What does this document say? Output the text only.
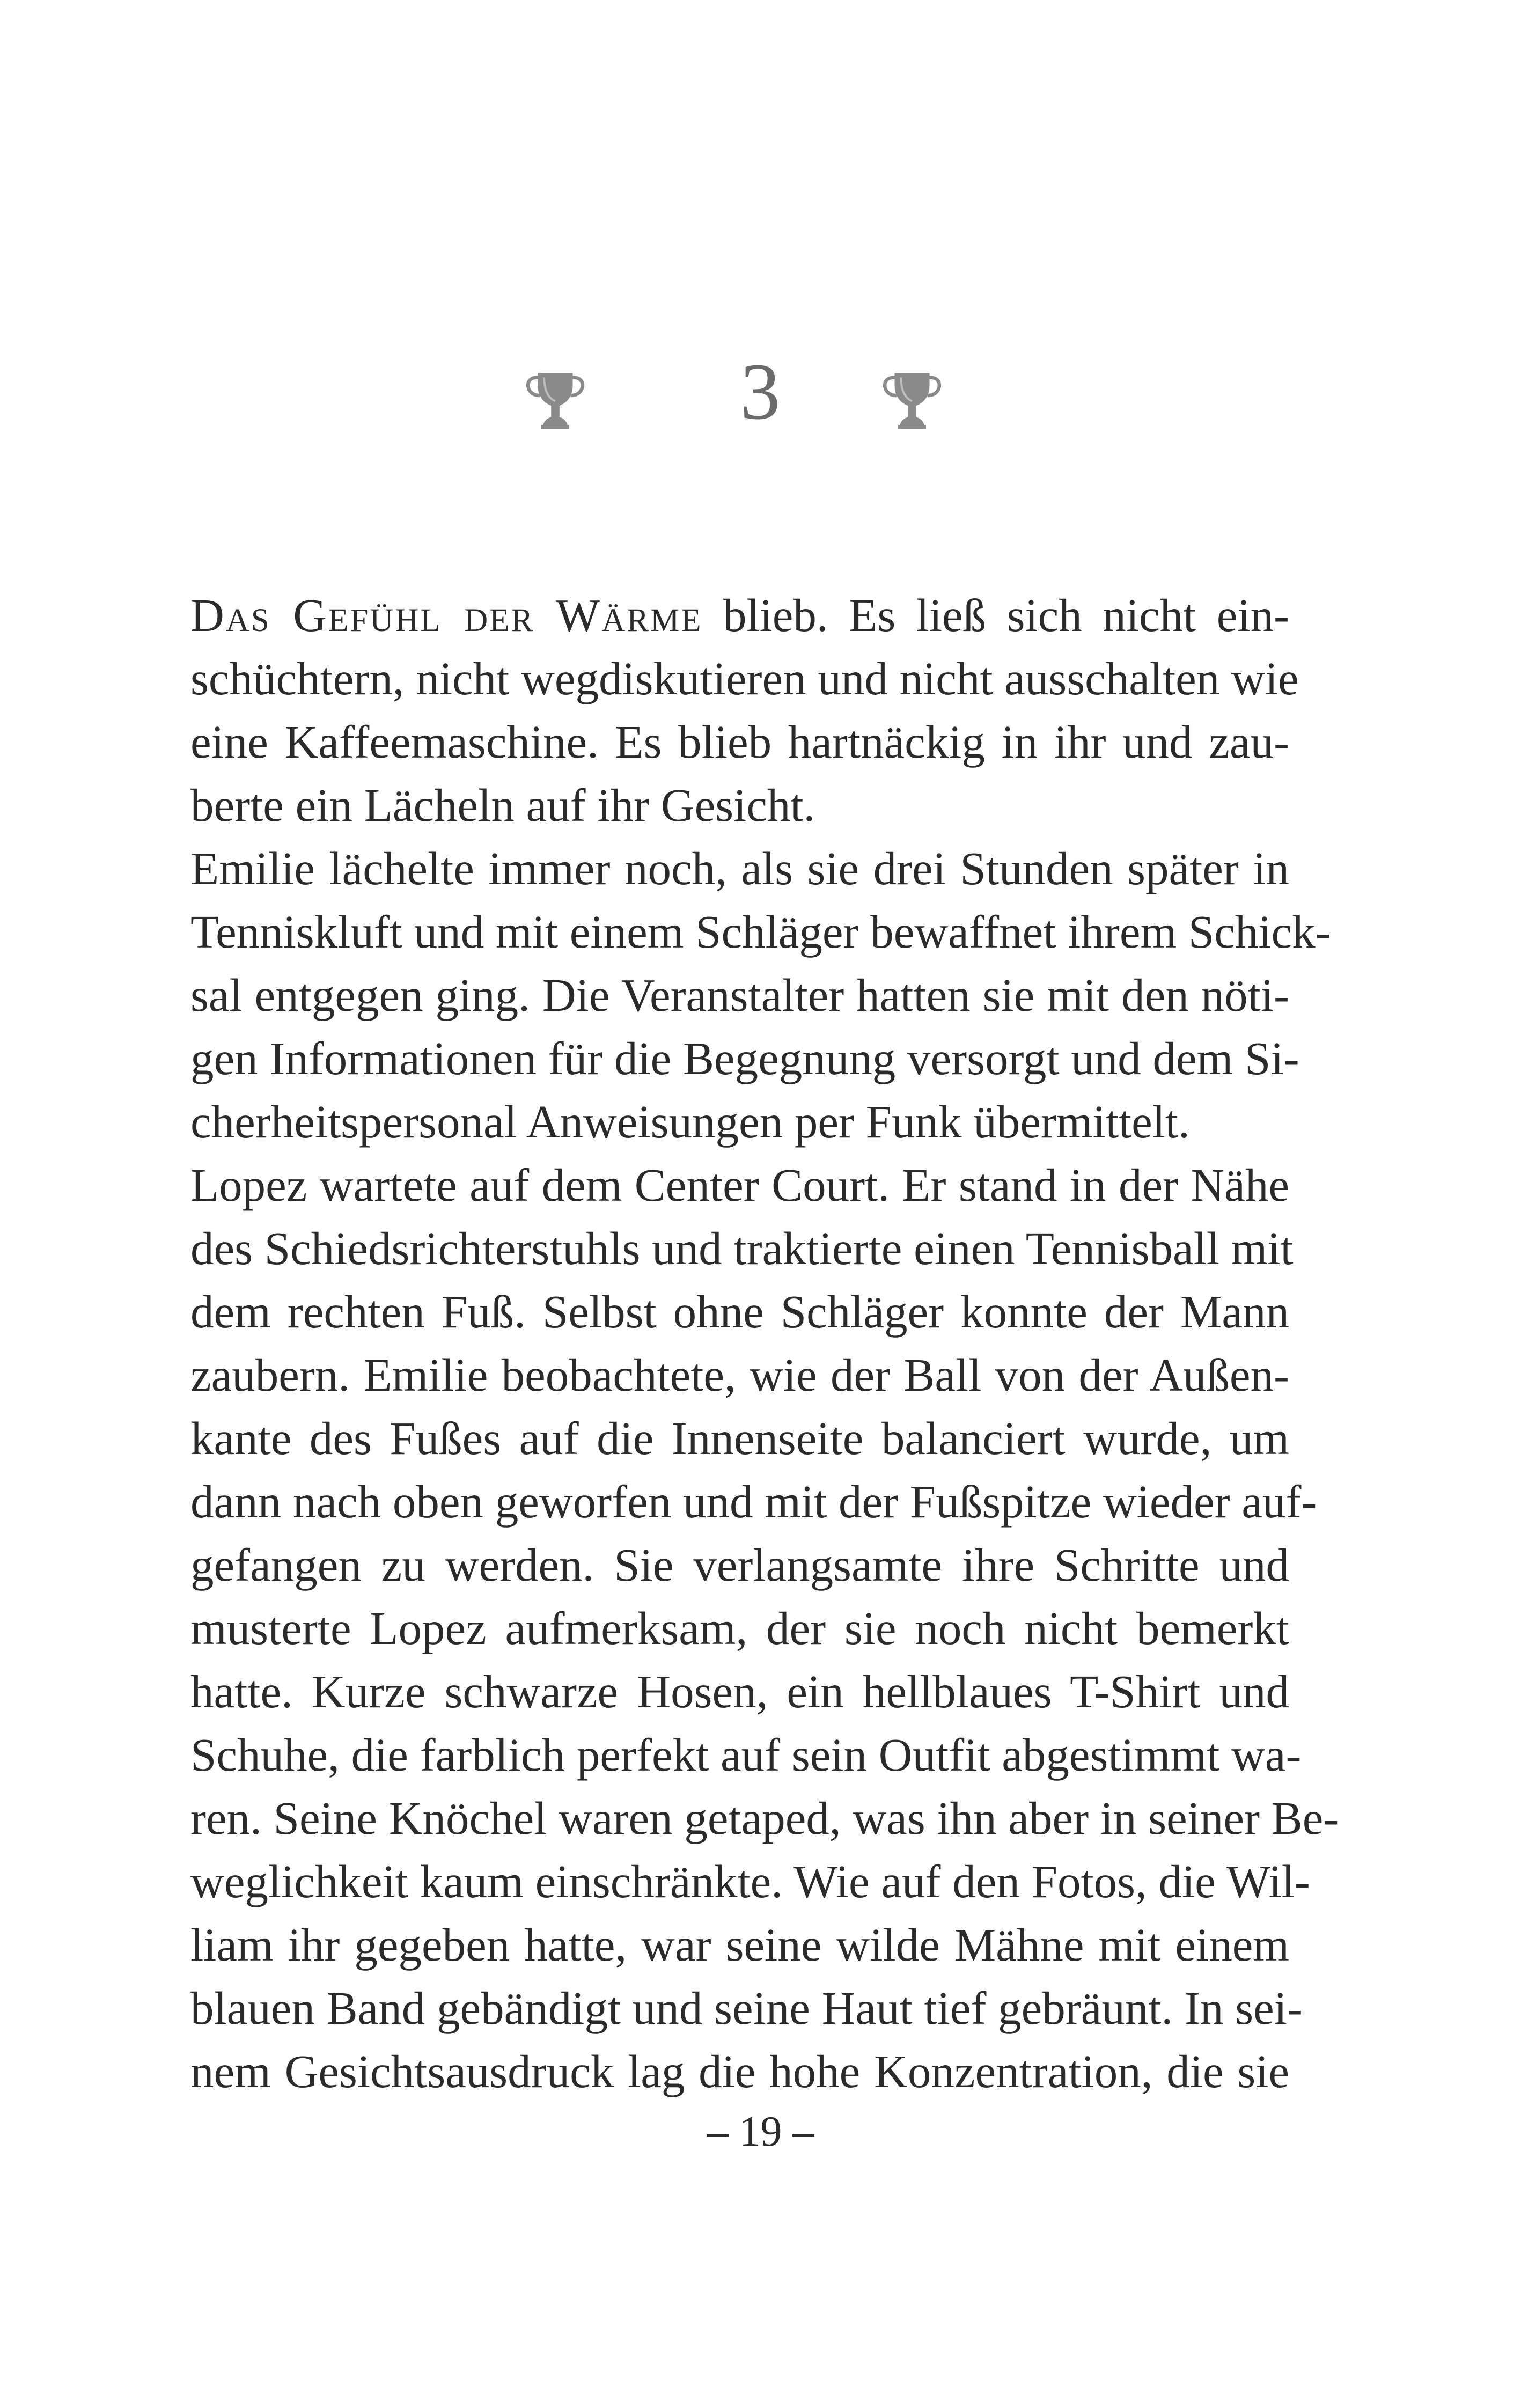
3
Das Gefühl der Wärme blieb. Es ließ sich nicht ein-
schüchtern, nicht wegdiskutieren und nicht ausschalten wie
eine Kaffeemaschine. Es blieb hartnäckig in ihr und zau-
berte ein Lächeln auf ihr Gesicht.
Emilie lächelte immer noch, als sie drei Stunden später in
Tenniskluft und mit einem Schläger bewaffnet ihrem Schick-
sal entgegen ging. Die Veranstalter hatten sie mit den nöti-
gen Informationen für die Begegnung versorgt und dem Si-
cherheitspersonal Anweisungen per Funk übermittelt.
Lopez wartete auf dem Center Court. Er stand in der Nähe
des Schiedsrichterstuhls und traktierte einen Tennisball mit
dem rechten Fuß. Selbst ohne Schläger konnte der Mann
zaubern. Emilie beobachtete, wie der Ball von der Außen-
kante des Fußes auf die Innenseite balanciert wurde, um
dann nach oben geworfen und mit der Fußspitze wieder auf-
gefangen zu werden. Sie verlangsamte ihre Schritte und
musterte Lopez aufmerksam, der sie noch nicht bemerkt
hatte. Kurze schwarze Hosen, ein hellblaues T-Shirt und
Schuhe, die farblich perfekt auf sein Outfit abgestimmt wa-
ren. Seine Knöchel waren getaped, was ihn aber in seiner Be-
weglichkeit kaum einschränkte. Wie auf den Fotos, die Wil-
liam ihr gegeben hatte, war seine wilde Mähne mit einem
blauen Band gebändigt und seine Haut tief gebräunt. In sei-
nem Gesichtsausdruck lag die hohe Konzentration, die sie
– 19 –
